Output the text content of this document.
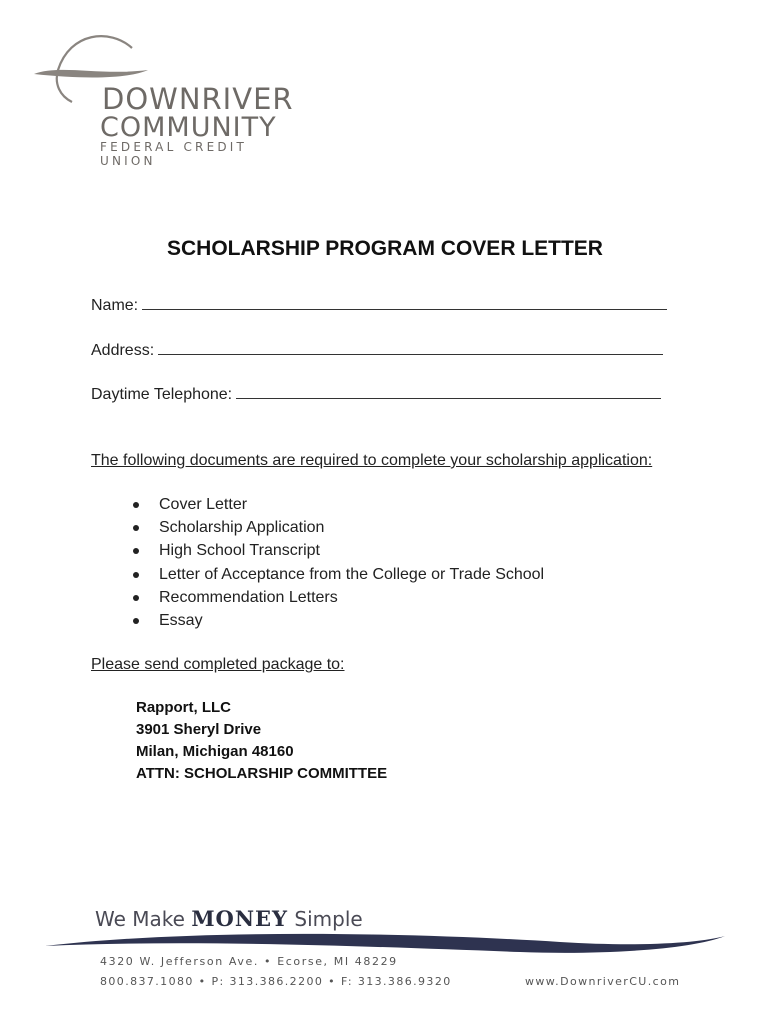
DOWNRIVER
COMMUNITY
FEDERAL CREDIT UNION
SCHOLARSHIP PROGRAM COVER LETTER
Name:
Address:
Daytime Telephone:
The following documents are required to complete your scholarship application:
Cover Letter
Scholarship Application
High School Transcript
Letter of Acceptance from the College or Trade School
Recommendation Letters
Essay
Please send completed package to:
Rapport, LLC
3901 Sheryl Drive
Milan, Michigan 48160
ATTN: SCHOLARSHIP COMMITTEE
We Make MONEY Simple
4320 W. Jefferson Ave. • Ecorse, MI 48229
800.837.1080 • P: 313.386.2200 • F: 313.386.9320	www.DownriverCU.com
